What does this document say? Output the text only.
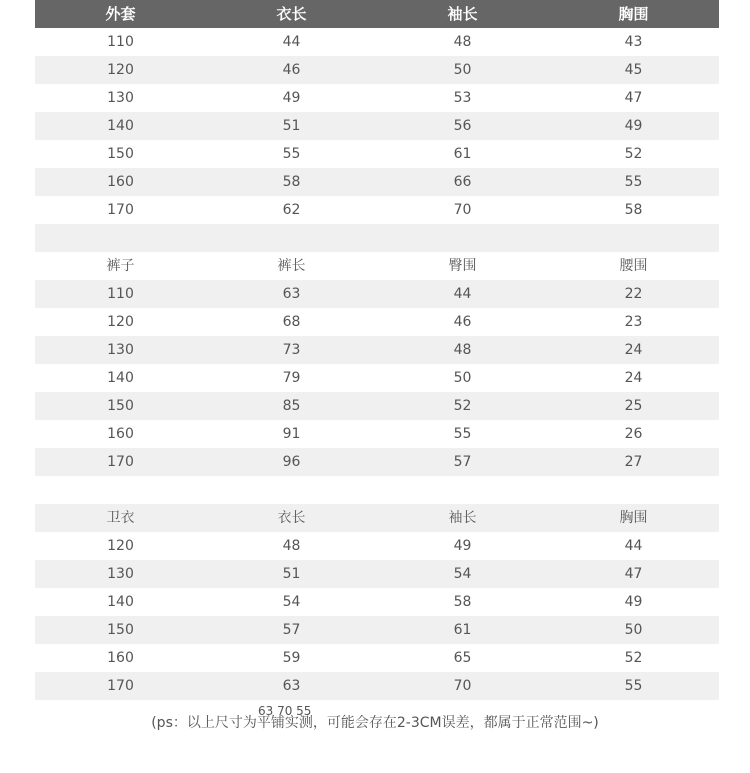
外套	衣长	袖长	胸围
110	44	48	43
120	46	50	45
130	49	53	47
140	51	56	49
150	55	61	52
160	58	66	55
170	62	70	58
裤子	裤长	臀围	腰围
110	63	44	22
120	68	46	23
130	73	48	24
140	79	50	24
150	85	52	25
160	91	55	26
170	96	57	27
卫衣	衣长	袖长	胸围
120	48	49	44
130	51	54	47
140	54	58	49
150	57	61	50
160	59	65	52
170	63	70	55
63 70 55
(ps：以上尺寸为平铺实测，可能会存在2-3CM误差，都属于正常范围~)
